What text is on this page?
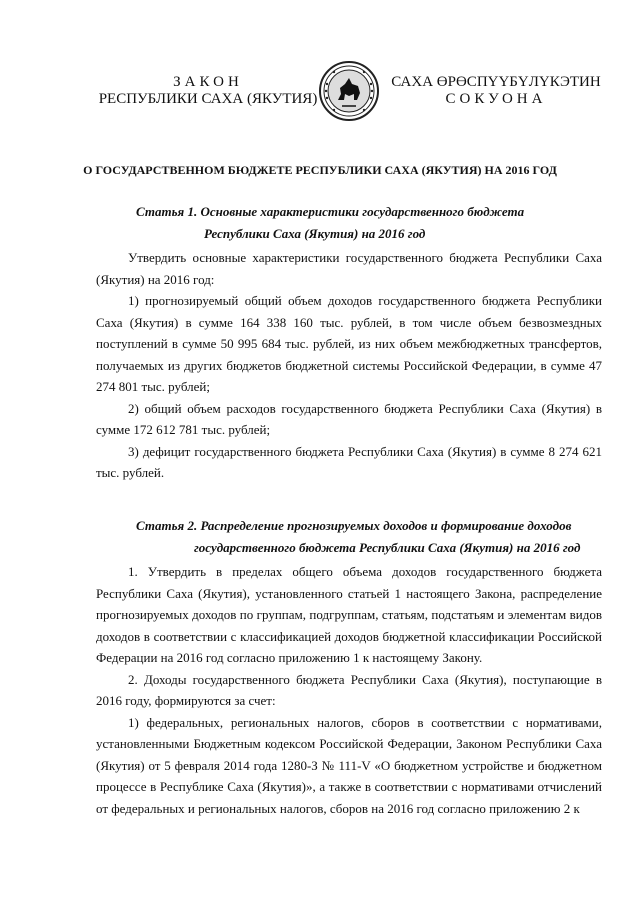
ЗАКОН
РЕСПУБЛИКИ САХА (ЯКУТИЯ)
САХА ӨРӨСПҮҮБҮЛҮКЭТИН
СОКУОНА
О ГОСУДАРСТВЕННОМ БЮДЖЕТЕ РЕСПУБЛИКИ САХА (ЯКУТИЯ) НА 2016 ГОД
Статья 1. Основные характеристики государственного бюджета
Республики Саха (Якутия) на 2016 год

Утвердить основные характеристики государственного бюджета Республики Саха (Якутия) на 2016 год:

1) прогнозируемый общий объем доходов государственного бюджета Республики Саха (Якутия) в сумме 164 338 160 тыс. рублей, в том числе объем безвозмездных поступлений в сумме 50 995 684 тыс. рублей, из них объем межбюджетных трансфертов, получаемых из других бюджетов бюджетной системы Российской Федерации, в сумме 47 274 801 тыс. рублей;

2) общий объем расходов государственного бюджета Республики Саха (Якутия) в сумме 172 612 781 тыс. рублей;

3) дефицит государственного бюджета Республики Саха (Якутия) в сумме 8 274 621 тыс. рублей.

Статья 2. Распределение прогнозируемых доходов и формирование доходов
государственного бюджета Республики Саха (Якутия) на 2016 год

1. Утвердить в пределах общего объема доходов государственного бюджета Республики Саха (Якутия), установленного статьей 1 настоящего Закона, распределение прогнозируемых доходов по группам, подгруппам, статьям, подстатьям и элементам видов доходов в соответствии с классификацией доходов бюджетной классификации Российской Федерации на 2016 год согласно приложению 1 к настоящему Закону.

2. Доходы государственного бюджета Республики Саха (Якутия), поступающие в 2016 году, формируются за счет:

1) федеральных, региональных налогов, сборов в соответствии с нормативами, установленными Бюджетным кодексом Российской Федерации, Законом Республики Саха (Якутия) от 5 февраля 2014 года 1280-З № 111-V «О бюджетном устройстве и бюджетном процессе в Республике Саха (Якутия)», а также в соответствии с нормативами отчислений от федеральных и региональных налогов, сборов на 2016 год согласно приложению 2 к
